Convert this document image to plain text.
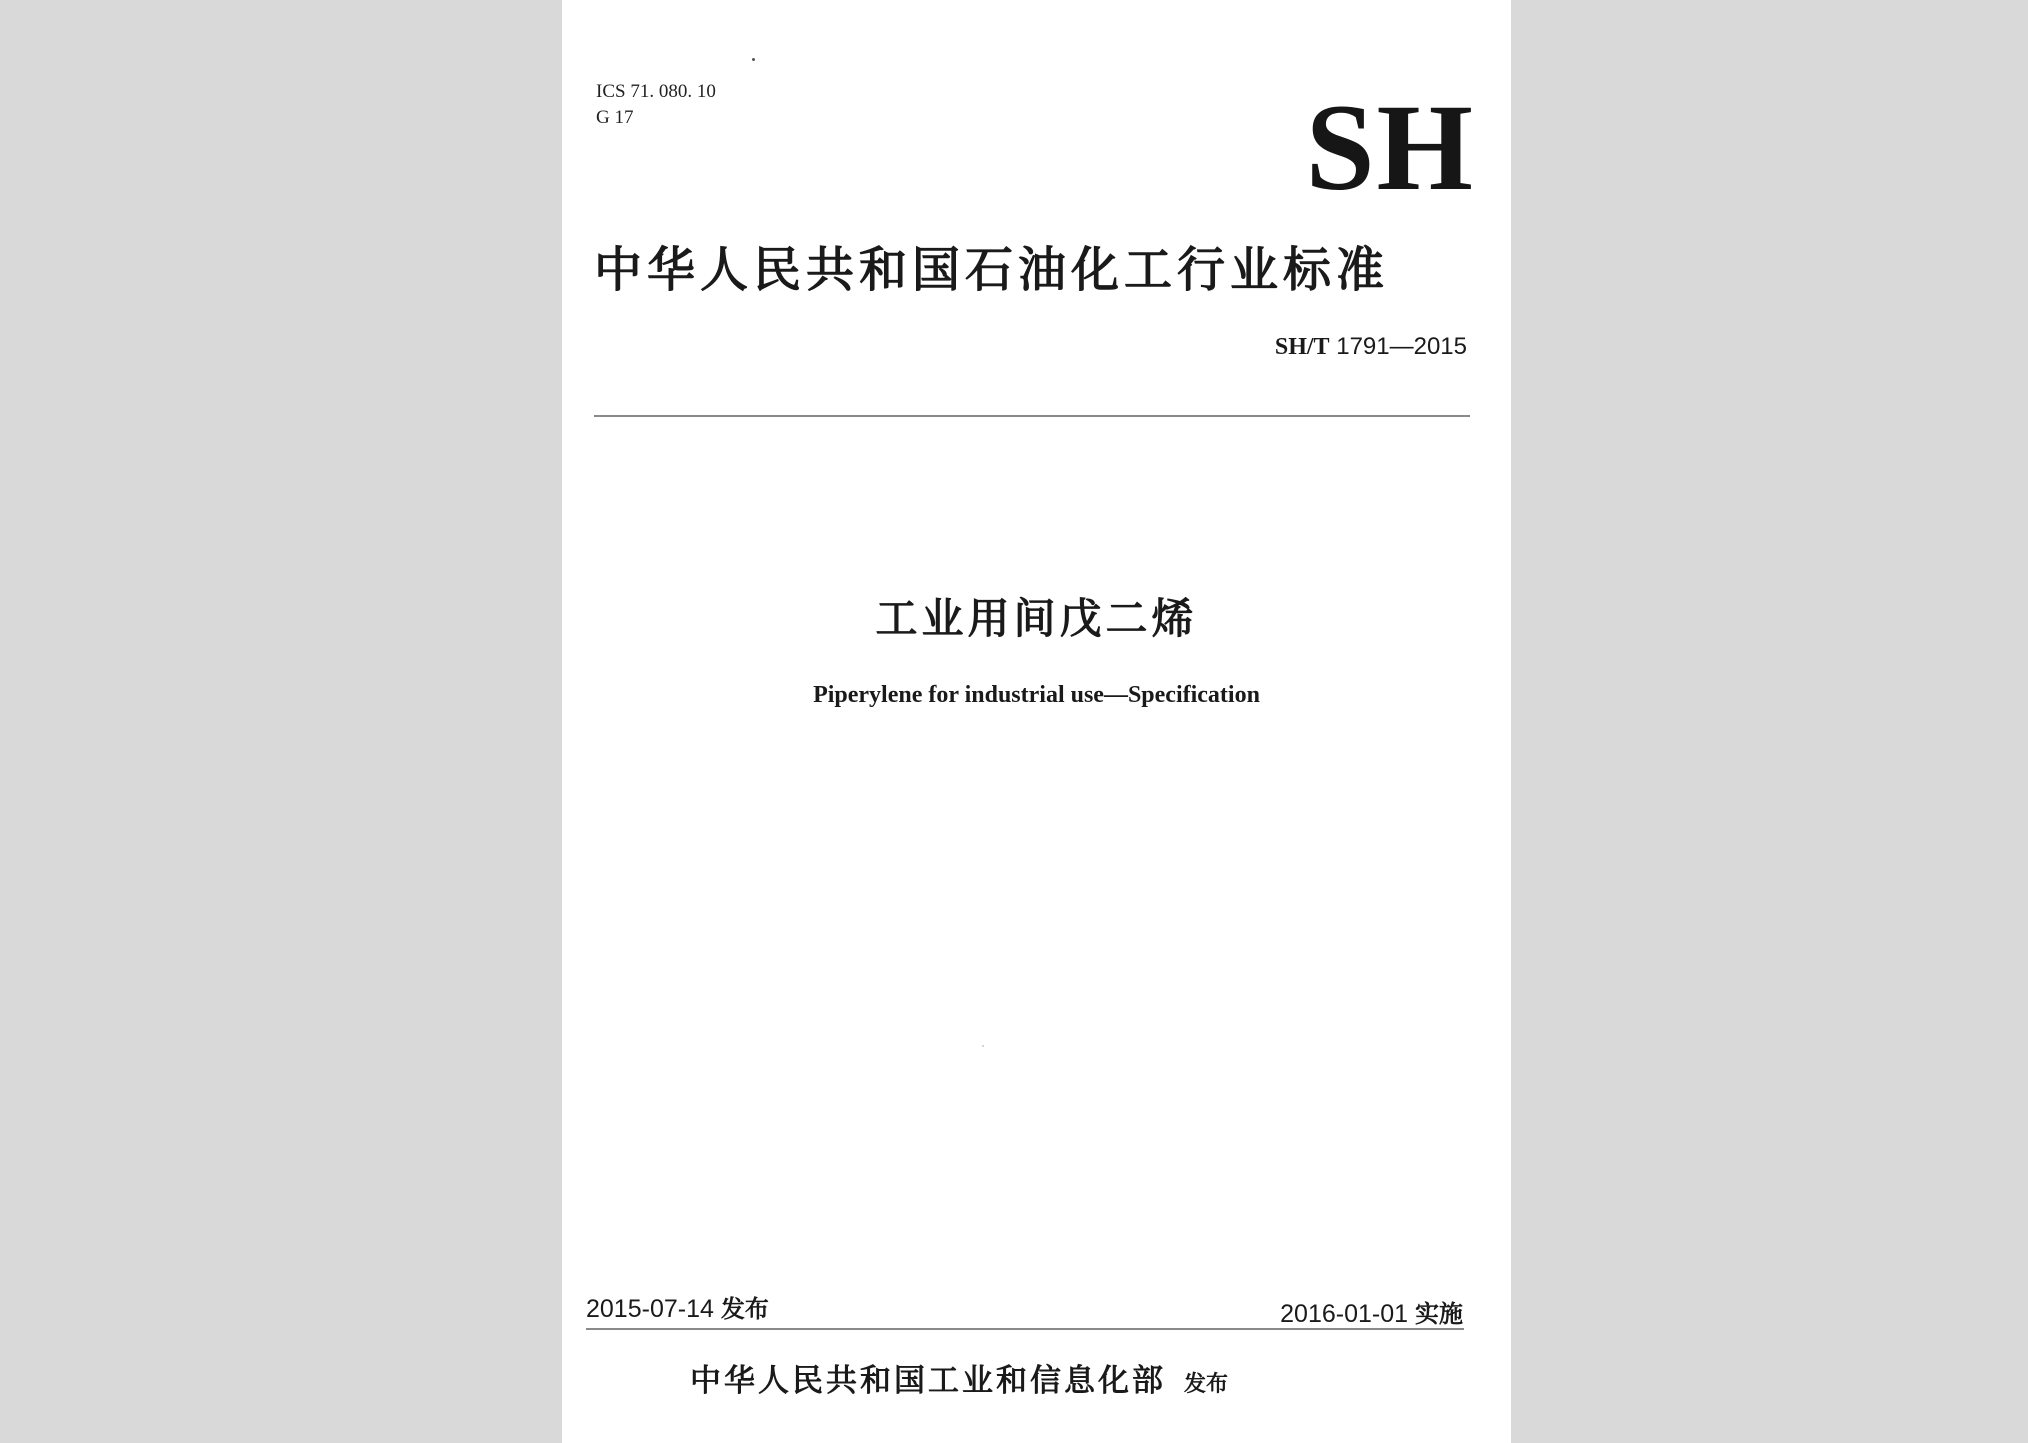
ICS 71. 080. 10
G 17	SH
中华人民共和国石油化工行业标准
SH/T 1791—2015
工业用间戊二烯
Piperylene for industrial use—Specification
2015-07-14 发布	2016-01-01 实施
中华人民共和国工业和信息化部 发布
